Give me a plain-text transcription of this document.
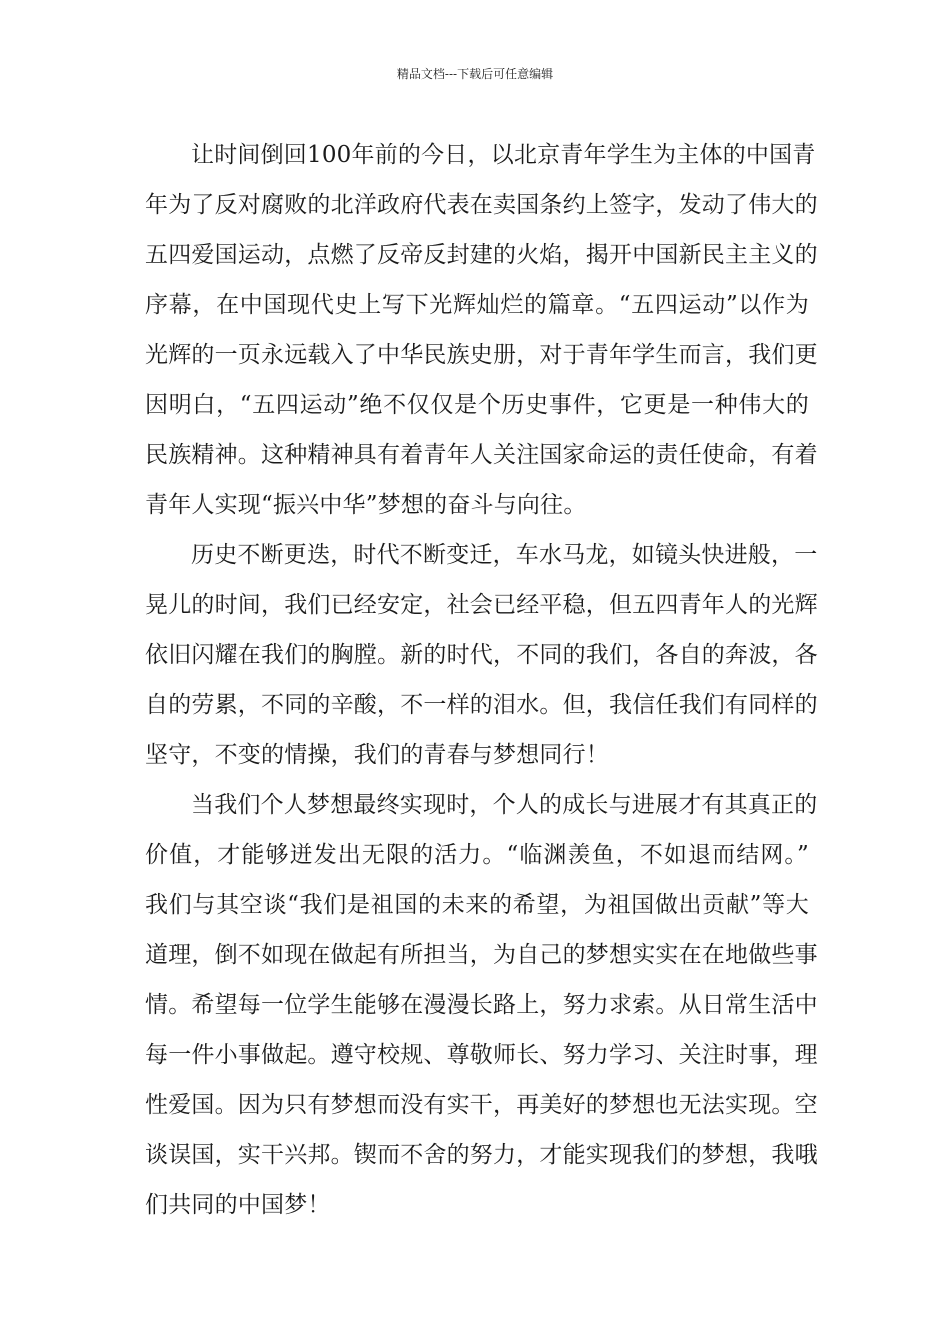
精品文档---下载后可任意编辑
让时间倒回100年前的今日，以北京青年学生为主体的中国青
年为了反对腐败的北洋政府代表在卖国条约上签字，发动了伟大的
五四爱国运动，点燃了反帝反封建的火焰，揭开中国新民主主义的
序幕，在中国现代史上写下光辉灿烂的篇章。“五四运动”以作为
光辉的一页永远载入了中华民族史册，对于青年学生而言，我们更
因明白，“五四运动”绝不仅仅是个历史事件，它更是一种伟大的
民族精神。这种精神具有着青年人关注国家命运的责任使命，有着
青年人实现“振兴中华”梦想的奋斗与向往。
历史不断更迭，时代不断变迁，车水马龙，如镜头快进般，一
晃儿的时间，我们已经安定，社会已经平稳，但五四青年人的光辉
依旧闪耀在我们的胸膛。新的时代，不同的我们，各自的奔波，各
自的劳累，不同的辛酸，不一样的泪水。但，我信任我们有同样的
坚守，不变的情操，我们的青春与梦想同行！
当我们个人梦想最终实现时，个人的成长与进展才有其真正的
价值，才能够迸发出无限的活力。“临渊羡鱼，不如退而结网。”
我们与其空谈“我们是祖国的未来的希望，为祖国做出贡献”等大
道理，倒不如现在做起有所担当，为自己的梦想实实在在地做些事
情。希望每一位学生能够在漫漫长路上，努力求索。从日常生活中
每一件小事做起。遵守校规、尊敬师长、努力学习、关注时事，理
性爱国。因为只有梦想而没有实干，再美好的梦想也无法实现。空
谈误国，实干兴邦。锲而不舍的努力，才能实现我们的梦想，我哦
们共同的中国梦！
